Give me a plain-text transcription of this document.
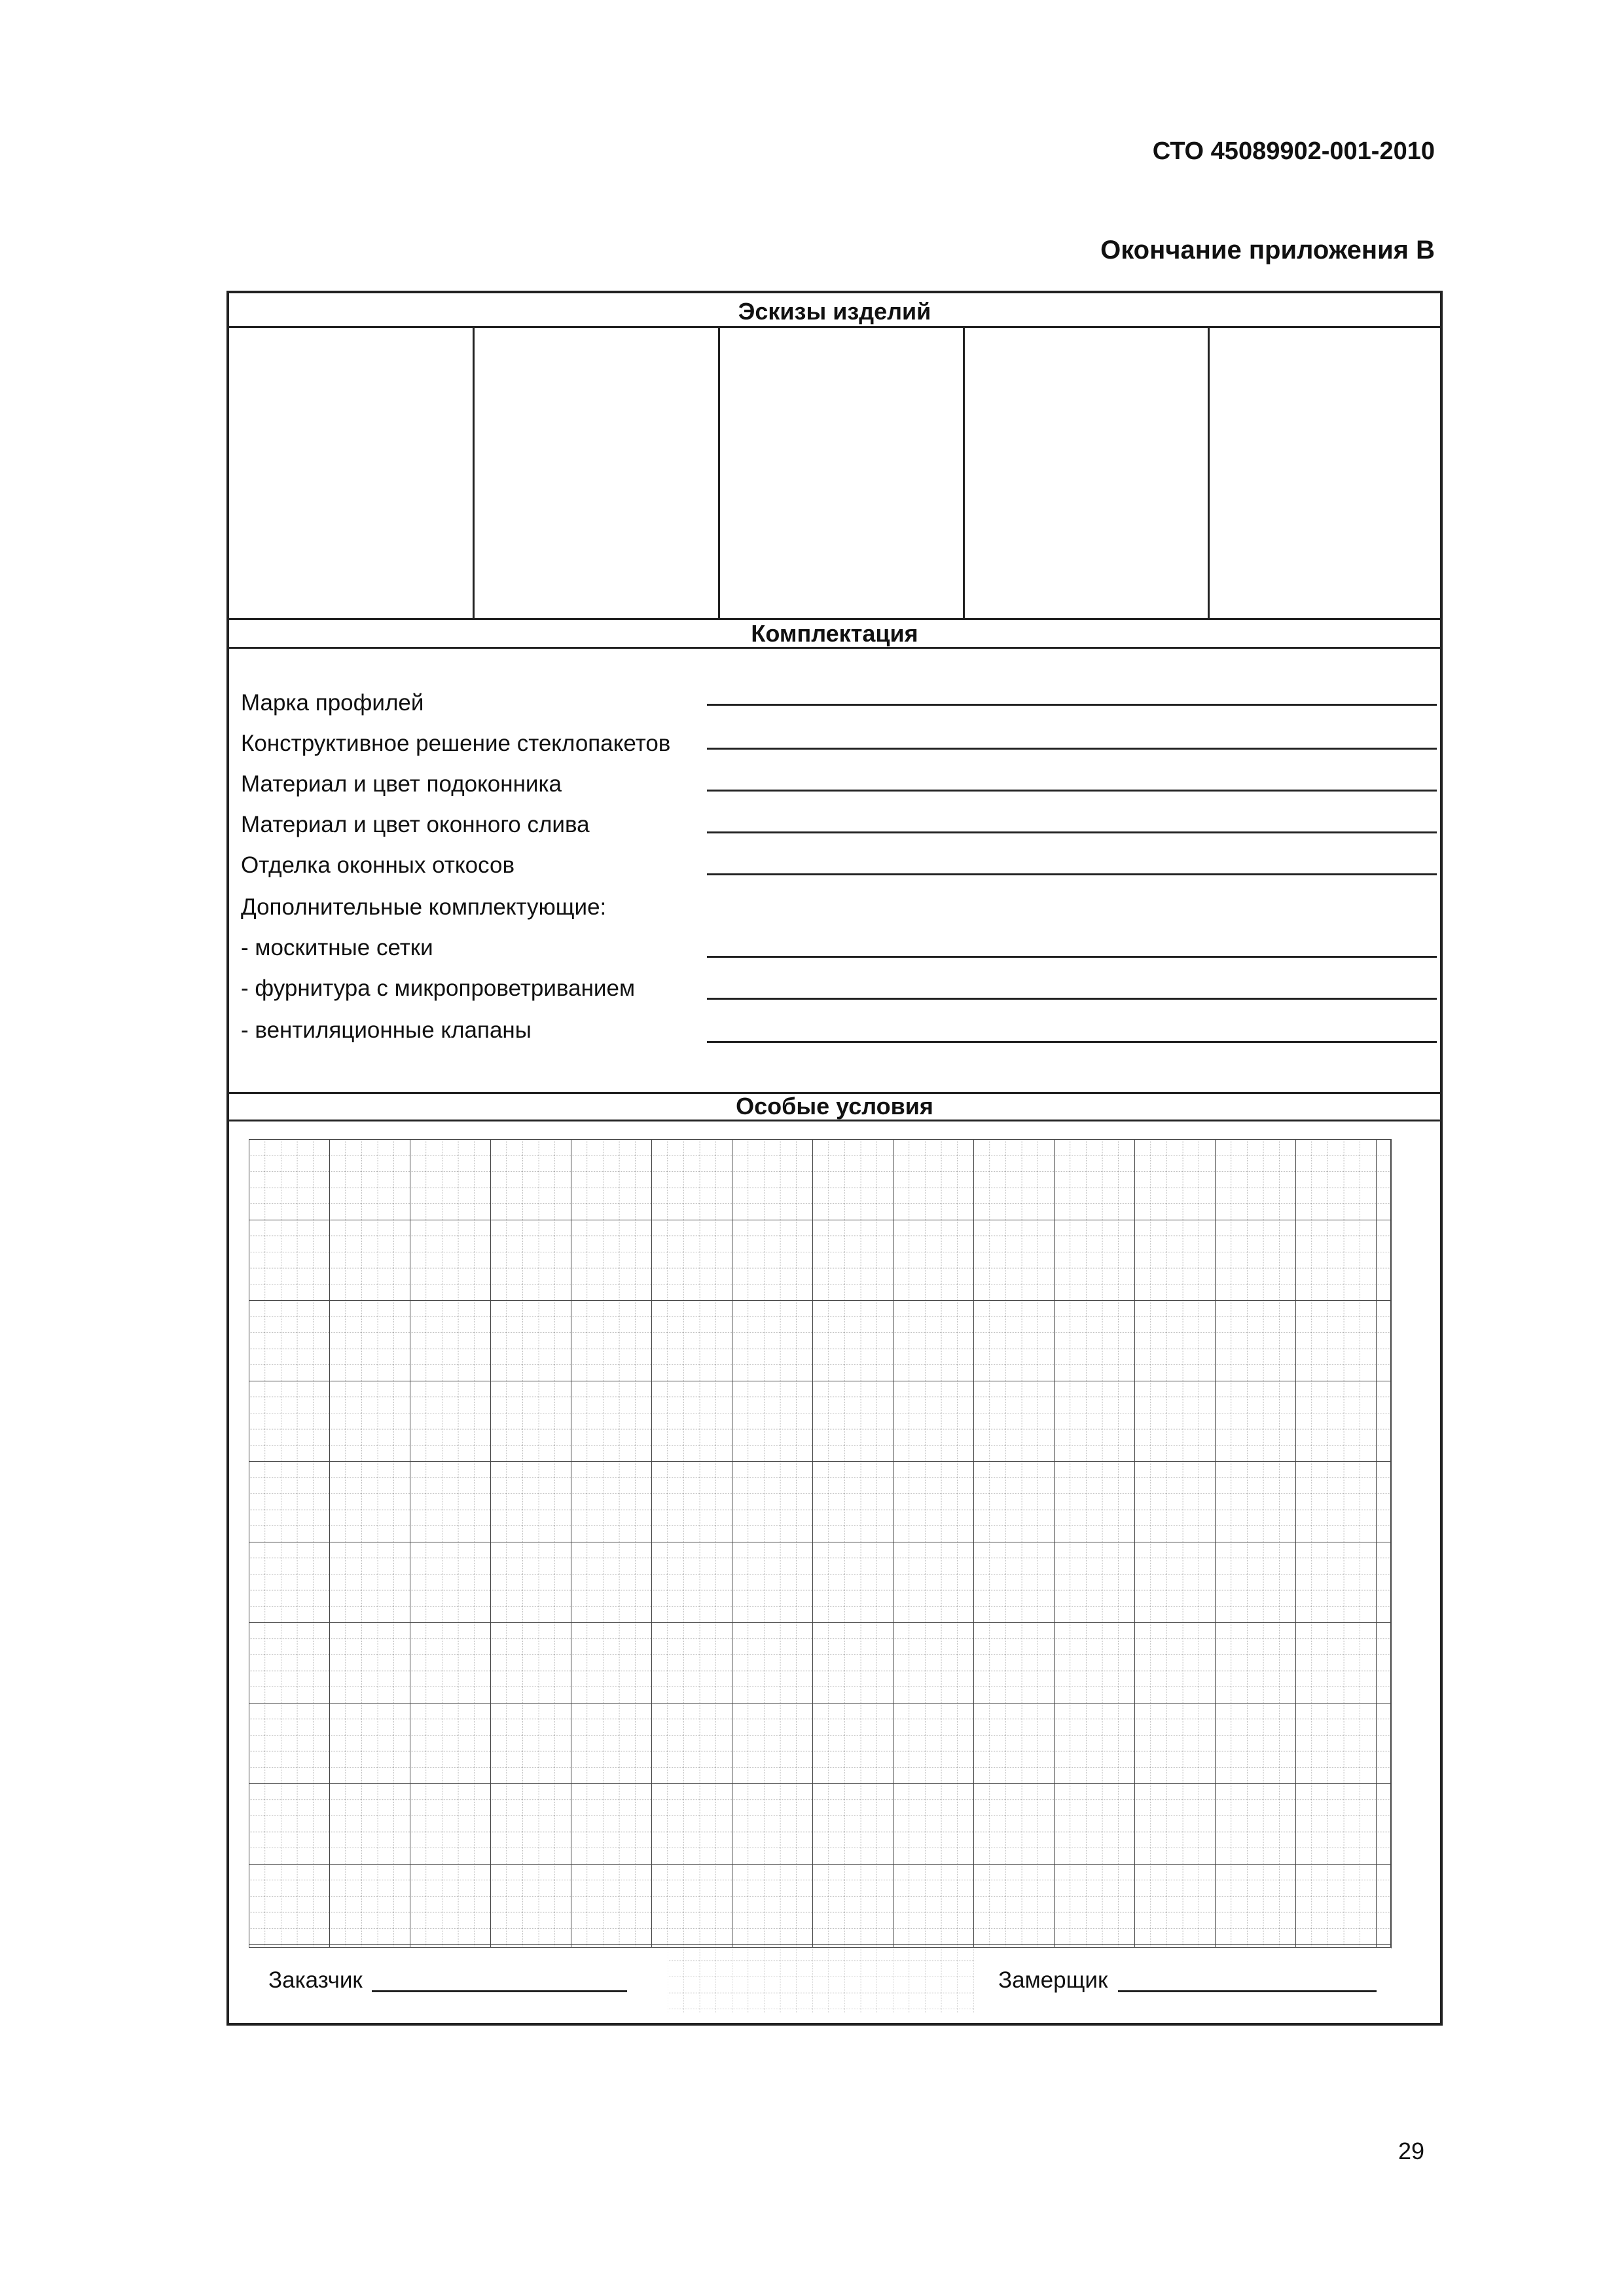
СТО 45089902-001-2010
Окончание приложения В
Эскизы изделий
Комплектация
Марка профилей
Конструктивное решение стеклопакетов
Материал и цвет подоконника
Материал и цвет оконного слива
Отделка оконных откосов
Дополнительные комплектующие:
- москитные сетки
- фурнитура с микропроветриванием
- вентиляционные клапаны
Особые условия
Заказчик	Замерщик
29
